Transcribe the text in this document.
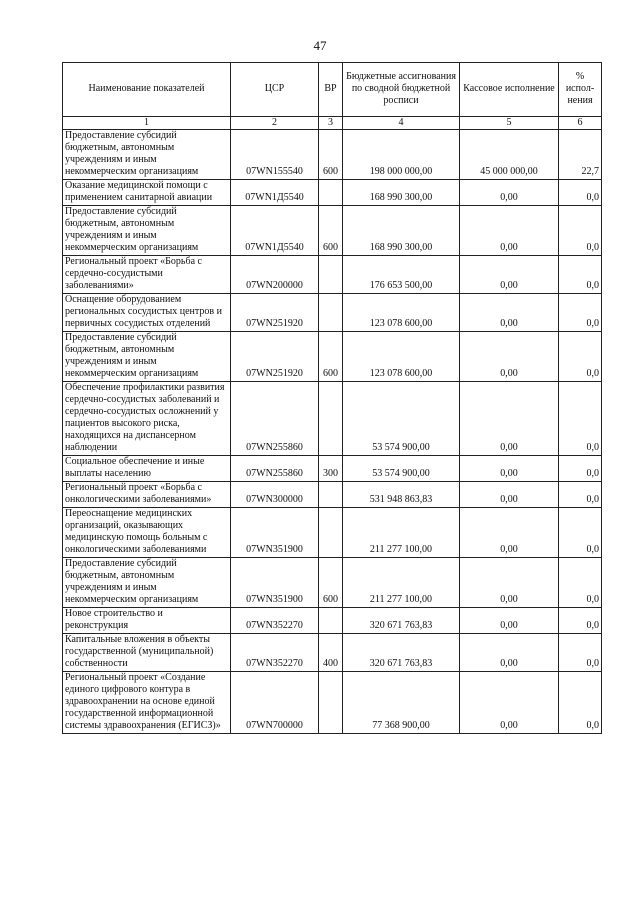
47
Наименование показателей	ЦСР	ВР	Бюджетные ассигнования по сводной бюджетной росписи	Кассовое исполнение	% испол-нения
1	2	3	4	5	6
Предоставление субсидий бюджетным, автономным учреждениям и иным некоммерческим организациям	07WN155540	600	198 000 000,00	45 000 000,00	22,7
Оказание медицинской помощи с применением санитарной авиации	07WN1Д5540		168 990 300,00	0,00	0,0
Предоставление субсидий бюджетным, автономным учреждениям и иным некоммерческим организациям	07WN1Д5540	600	168 990 300,00	0,00	0,0
Региональный проект «Борьба с сердечно-сосудистыми заболеваниями»	07WN200000		176 653 500,00	0,00	0,0
Оснащение оборудованием региональных сосудистых центров и первичных сосудистых отделений	07WN251920		123 078 600,00	0,00	0,0
Предоставление субсидий бюджетным, автономным учреждениям и иным некоммерческим организациям	07WN251920	600	123 078 600,00	0,00	0,0
Обеспечение профилактики развития сердечно-сосудистых заболеваний и сердечно-сосудистых осложнений у пациентов высокого риска, находящихся на диспансерном наблюдении	07WN255860		53 574 900,00	0,00	0,0
Социальное обеспечение и иные выплаты населению	07WN255860	300	53 574 900,00	0,00	0,0
Региональный проект «Борьба с онкологическими заболеваниями»	07WN300000		531 948 863,83	0,00	0,0
Переоснащение медицинских организаций, оказывающих медицинскую помощь больным с онкологическими заболеваниями	07WN351900		211 277 100,00	0,00	0,0
Предоставление субсидий бюджетным, автономным учреждениям и иным некоммерческим организациям	07WN351900	600	211 277 100,00	0,00	0,0
Новое строительство и реконструкция	07WN352270		320 671 763,83	0,00	0,0
Капитальные вложения в объекты государственной (муниципальной) собственности	07WN352270	400	320 671 763,83	0,00	0,0
Региональный проект «Создание единого цифрового контура в здравоохранении на основе единой государственной информационной системы здравоохранения (ЕГИСЗ)»	07WN700000		77 368 900,00	0,00	0,0
